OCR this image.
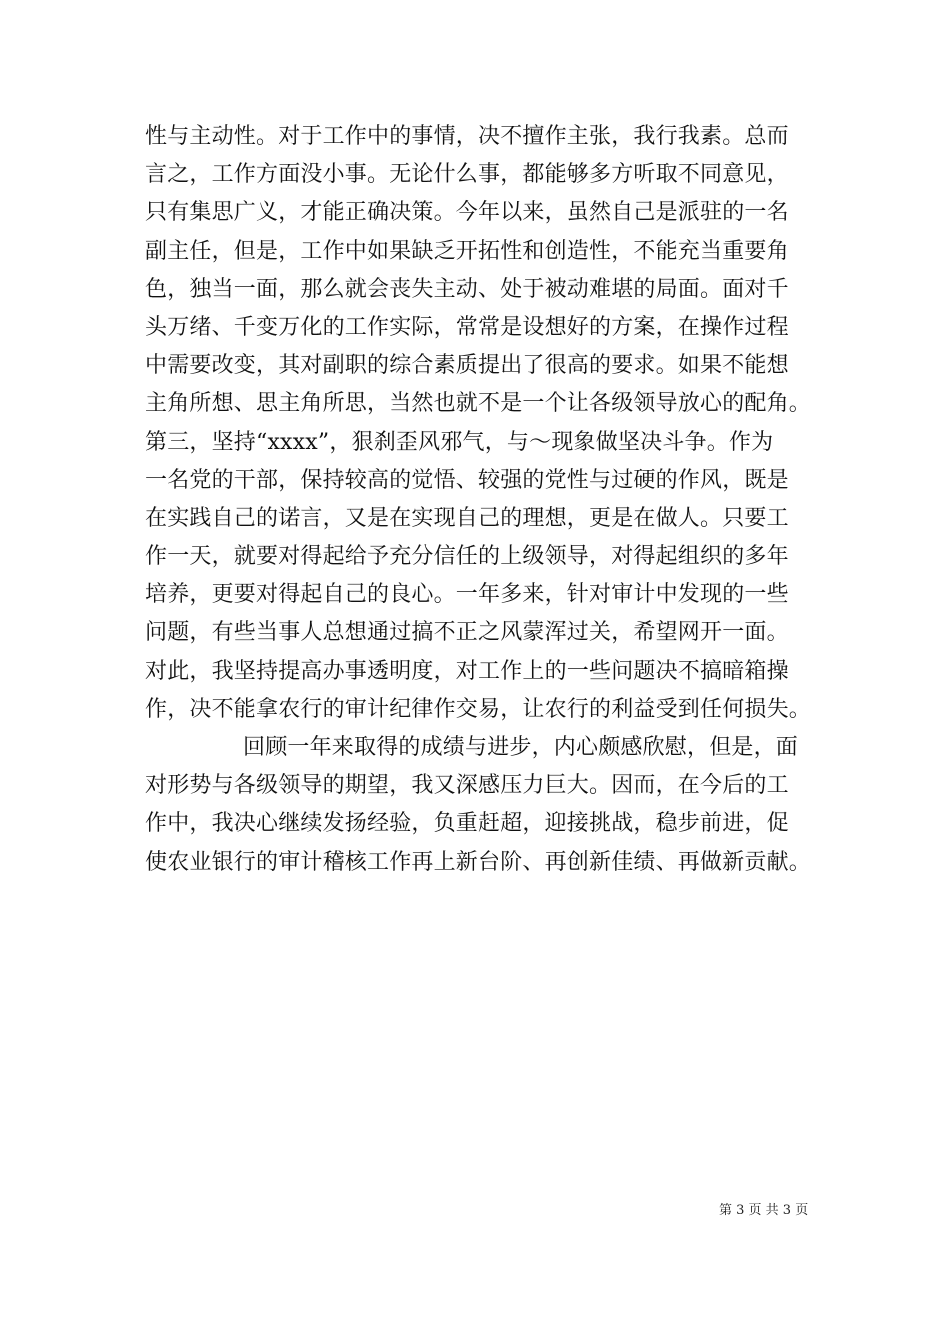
性与主动性。对于工作中的事情，决不擅作主张，我行我素。总而
言之，工作方面没小事。无论什么事，都能够多方听取不同意见，
只有集思广义，才能正确决策。今年以来，虽然自己是派驻的一名
副主任，但是，工作中如果缺乏开拓性和创造性，不能充当重要角
色，独当一面，那么就会丧失主动、处于被动难堪的局面。面对千
头万绪、千变万化的工作实际，常常是设想好的方案，在操作过程
中需要改变，其对副职的综合素质提出了很高的要求。如果不能想
主角所想、思主角所思，当然也就不是一个让各级领导放心的配角。
第三，坚持“xxxx”，狠刹歪风邪气，与～现象做坚决斗争。作为
一名党的干部，保持较高的觉悟、较强的党性与过硬的作风，既是
在实践自己的诺言，又是在实现自己的理想，更是在做人。只要工
作一天，就要对得起给予充分信任的上级领导，对得起组织的多年
培养，更要对得起自己的良心。一年多来，针对审计中发现的一些
问题，有些当事人总想通过搞不正之风蒙浑过关，希望网开一面。
对此，我坚持提高办事透明度，对工作上的一些问题决不搞暗箱操
作，决不能拿农行的审计纪律作交易，让农行的利益受到任何损失。
回顾一年来取得的成绩与进步，内心颇感欣慰，但是，面
对形势与各级领导的期望，我又深感压力巨大。因而，在今后的工
作中，我决心继续发扬经验，负重赶超，迎接挑战，稳步前进，促
使农业银行的审计稽核工作再上新台阶、再创新佳绩、再做新贡献。
第 3 页 共 3 页
